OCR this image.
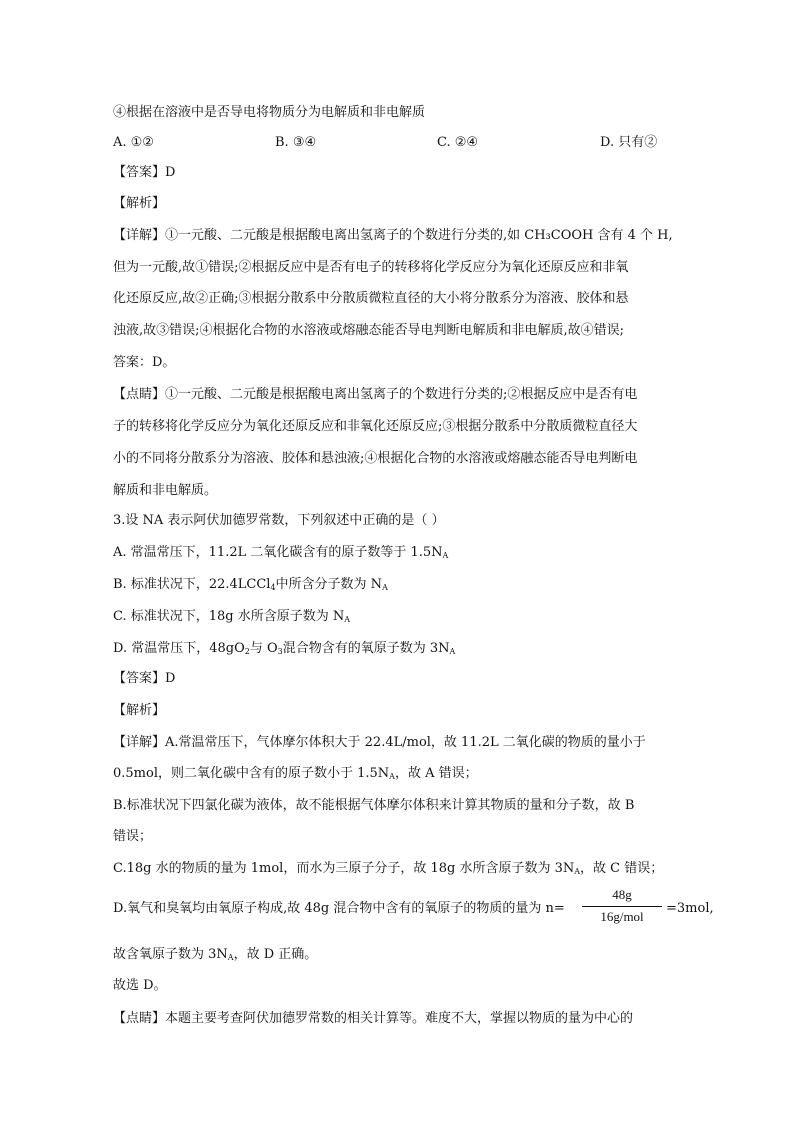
④根据在溶液中是否导电将物质分为电解质和非电解质
A. ①②	B. ③④	C. ②④	D. 只有②
【答案】D
【解析】
【详解】①一元酸、二元酸是根据酸电离出氢离子的个数进行分类的,如 CH₃COOH 含有 4 个 H,
但为一元酸,故①错误;②根据反应中是否有电子的转移将化学反应分为氧化还原反应和非氧
化还原反应,故②正确;③根据分散系中分散质微粒直径的大小将分散系分为溶液、胶体和悬
浊液,故③错误;④根据化合物的水溶液或熔融态能否导电判断电解质和非电解质,故④错误;
答案：D。
【点睛】①一元酸、二元酸是根据酸电离出氢离子的个数进行分类的;②根据反应中是否有电
子的转移将化学反应分为氧化还原反应和非氧化还原反应;③根据分散系中分散质微粒直径大
小的不同将分散系分为溶液、胶体和悬浊液;④根据化合物的水溶液或熔融态能否导电判断电
解质和非电解质。
3.设 NA 表示阿伏加德罗常数，下列叙述中正确的是（ ）
A. 常温常压下，11.2L 二氧化碳含有的原子数等于 $1.5N_A$
B. 标准状况下，22.4LCCl$_4$中所含分子数为 $N_A$
C. 标准状况下，18g 水所含原子数为 $N_A$
D. 常温常压下，$48gO_2$与 $O_3$混合物含有的氧原子数为 $3N_A$
【答案】D
【解析】
【详解】A.常温常压下，气体摩尔体积大于 22.4L/mol，故 11.2L 二氧化碳的物质的量小于
0.5mol，则二氧化碳中含有的原子数小于 $1.5N_A$，故 A 错误；
B.标准状况下四氯化碳为液体，故不能根据气体摩尔体积来计算其物质的量和分子数，故 B
错误；
C.18g 水的物质的量为 1mol，而水为三原子分子，故 18g 水所含原子数为 $3N_A$，故 C 错误；
D.氧气和臭氧均由氧原子构成,故 48g 混合物中含有的氧原子的物质的量为 n=
48g
16g/mol
=3mol,
故含氧原子数为 $3N_A$，故 D 正确。
故选 D。
【点睛】本题主要考查阿伏加德罗常数的相关计算等。难度不大，掌握以物质的量为中心的
